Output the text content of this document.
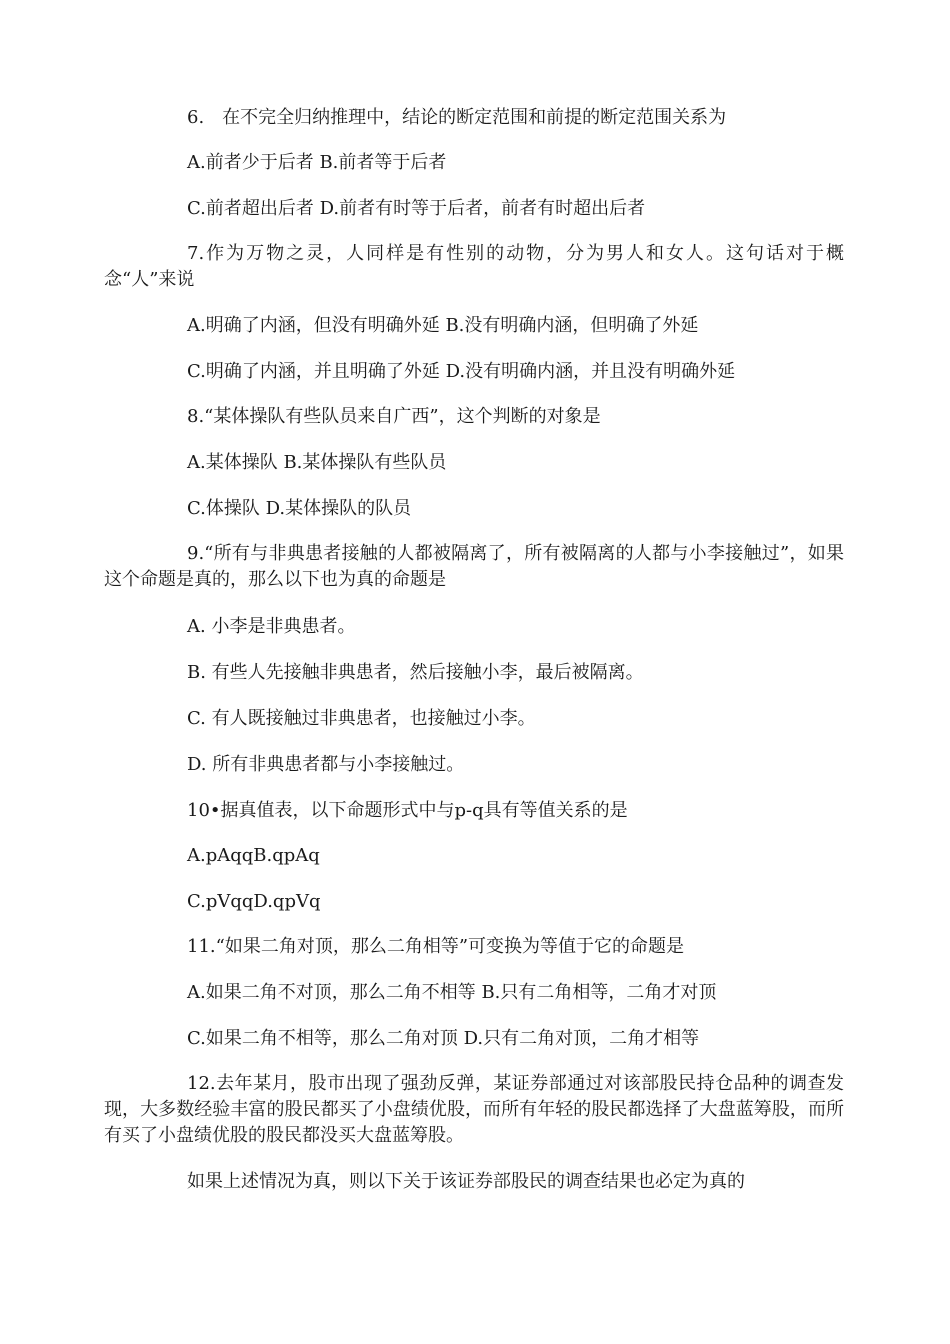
6.　在不完全归纳推理中，结论的断定范围和前提的断定范围关系为
A.前者少于后者 B.前者等于后者
C.前者超出后者 D.前者有时等于后者，前者有时超出后者
7.作为万物之灵，人同样是有性别的动物，分为男人和女人。这句话对于概念“人”来说
A.明确了内涵，但没有明确外延 B.没有明确内涵，但明确了外延
C.明确了内涵，并且明确了外延 D.没有明确内涵，并且没有明确外延
8.“某体操队有些队员来自广西”，这个判断的对象是
A.某体操队 B.某体操队有些队员
C.体操队 D.某体操队的队员
9.“所有与非典患者接触的人都被隔离了，所有被隔离的人都与小李接触过”，如果这个命题是真的，那么以下也为真的命题是
A. 小李是非典患者。
B. 有些人先接触非典患者，然后接触小李，最后被隔离。
C. 有人既接触过非典患者，也接触过小李。
D. 所有非典患者都与小李接触过。
10•据真值表，以下命题形式中与p-q具有等值关系的是
A.pAqqB.qpAq
C.pVqqD.qpVq
11.“如果二角对顶，那么二角相等”可变换为等值于它的命题是
A.如果二角不对顶，那么二角不相等 B.只有二角相等，二角才对顶
C.如果二角不相等，那么二角对顶 D.只有二角对顶，二角才相等
12.去年某月，股市出现了强劲反弹，某证券部通过对该部股民持仓品种的调查发现，大多数经验丰富的股民都买了小盘绩优股，而所有年轻的股民都选择了大盘蓝筹股，而所有买了小盘绩优股的股民都没买大盘蓝筹股。
如果上述情况为真，则以下关于该证券部股民的调查结果也必定为真的
